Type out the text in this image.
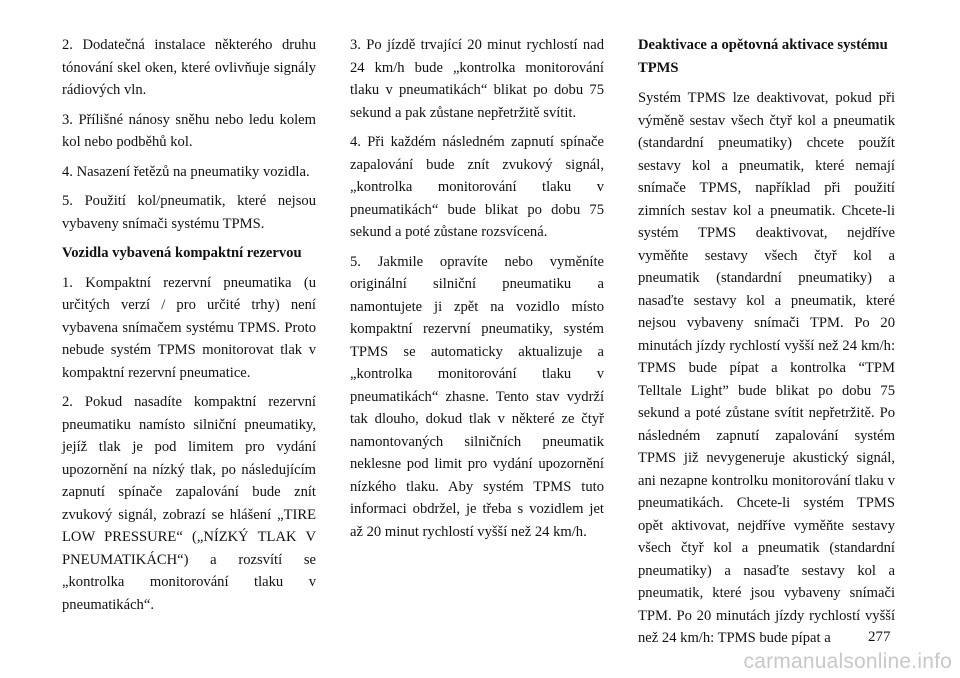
2. Dodatečná instalace některého druhu tónování skel oken, které ovlivňuje signály rádiových vln.

3. Přílišné nánosy sněhu nebo ledu kolem kol nebo podběhů kol.

4. Nasazení řetězů na pneumatiky vozidla.

5. Použití kol/pneumatik, které nejsou vybaveny snímači systému TPMS.

Vozidla vybavená kompaktní rezervou

1. Kompaktní rezervní pneumatika (u určitých verzí / pro určité trhy) není vybavena snímačem systému TPMS. Proto nebude systém TPMS monitorovat tlak v kompaktní rezervní pneumatice.

2. Pokud nasadíte kompaktní rezervní pneumatiku namísto silniční pneumatiky, jejíž tlak je pod limitem pro vydání upozornění na nízký tlak, po následujícím zapnutí spínače zapalování bude znít zvukový signál, zobrazí se hlášení „TIRE LOW PRESSURE“ („NÍZKÝ TLAK V PNEUMATIKÁCH“) a rozsvítí se „kontrolka monitorování tlaku v pneumatikách“.

3. Po jízdě trvající 20 minut rychlostí nad 24 km/h bude „kontrolka monitorování tlaku v pneumatikách“ blikat po dobu 75 sekund a pak zůstane nepřetržitě svítit.

4. Při každém následném zapnutí spínače zapalování bude znít zvukový signál, „kontrolka monitorování tlaku v pneumatikách“ bude blikat po dobu 75 sekund a poté zůstane rozsvícená.

5. Jakmile opravíte nebo vyměníte originální silniční pneumatiku a namontujete ji zpět na vozidlo místo kompaktní rezervní pneumatiky, systém TPMS se automaticky aktualizuje a „kontrolka monitorování tlaku v pneumatikách“ zhasne. Tento stav vydrží tak dlouho, dokud tlak v některé ze čtyř namontovaných silničních pneumatik neklesne pod limit pro vydání upozornění nízkého tlaku. Aby systém TPMS tuto informaci obdržel, je třeba s vozidlem jet až 20 minut rychlostí vyšší než 24 km/h.

Deaktivace a opětovná aktivace systému TPMS

Systém TPMS lze deaktivovat, pokud při výměně sestav všech čtyř kol a pneumatik (standardní pneumatiky) chcete použít sestavy kol a pneumatik, které nemají snímače TPMS, například při použití zimních sestav kol a pneumatik. Chcete-li systém TPMS deaktivovat, nejdříve vyměňte sestavy všech čtyř kol a pneumatik (standardní pneumatiky) a nasaďte sestavy kol a pneumatik, které nejsou vybaveny snímači TPM. Po 20 minutách jízdy rychlostí vyšší než 24 km/h: TPMS bude pípat a kontrolka “TPM Telltale Light” bude blikat po dobu 75 sekund a poté zůstane svítit nepřetržitě. Po následném zapnutí zapalování systém TPMS již nevygeneruje akustický signál, ani nezapne kontrolku monitorování tlaku v pneumatikách. Chcete-li systém TPMS opět aktivovat, nejdříve vyměňte sestavy všech čtyř kol a pneumatik (standardní pneumatiky) a nasaďte sestavy kol a pneumatik, které jsou vybaveny snímači TPM. Po 20 minutách jízdy rychlostí vyšší než 24 km/h: TPMS bude pípat a	277
carmanualsonline.info
